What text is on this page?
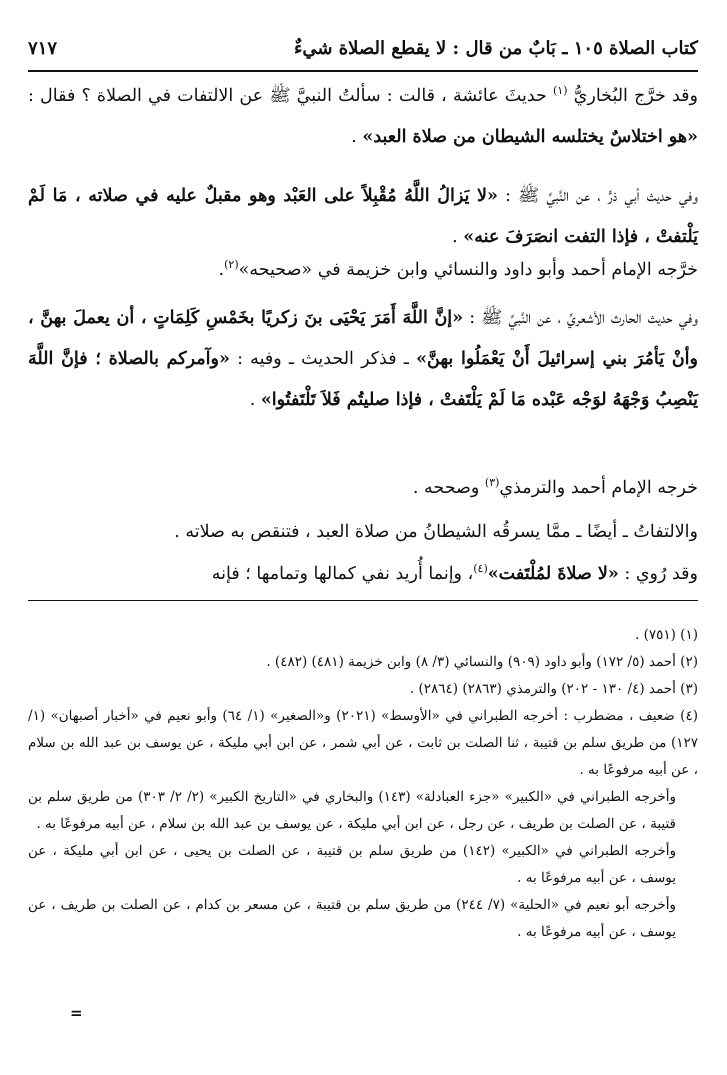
كتاب الصلاة ١٠٥ ـ بَابٌ من قال : لا يقطع الصلاة شيءٌ
٧١٧

وقد خرَّج البُخاريُّ $^{(١)}$ حديثَ عائشة ، قالت : سألتُ النبيَّ ﷺ عن الالتفات في الصلاة ؟ فقال : «هو اختلاسٌ يختلسه الشيطان من صلاة العبد» .

وفي حديث أبي ذرٍّ ، عن النَّبيِّ ﷺ : «لا يَزالُ اللَّهُ مُقْبِلاً على العَبْد وهو مقبلٌ عليه في صلاته ، مَا لَمْ يَلْتفتْ ، فإذا التفت انصَرَفَ عنه» .

خرَّجه الإمام أحمد وأبو داود والنسائي وابن خزيمة في «صحيحه»$^{(٢)}$.

وفي حديث الحارث الأشعريِّ ، عن النَّبيِّ ﷺ : «إنَّ اللَّهَ أَمَرَ يَحْيَى بنَ زكريًا بخَمْسِ كَلِمَاتٍ ، أن يعملَ بهنَّ ، وأنْ يَأمُرَ بني إسرائيلَ أَنْ يَعْمَلُوا بهنَّ» ـ فذكر الحديث ـ وفيه : «وآمركم بالصلاة ؛ فإنَّ اللَّهَ يَنْصِبُ وَجْهَهُ لوَجْه عَبْده مَا لَمْ يَلْتَفتْ ، فإذا صليتُم فَلاَ تَلْتَفتُوا» .

خرجه الإمام أحمد والترمذي$^{(٣)}$ وصححه .

والالتفاتُ ـ أيضًا ـ ممَّا يسرقُه الشيطانُ من صلاة العبد ، فتنقص به صلاته .

وقد رُوي : «لا صلاةَ لمُلْتَفت»$^{(٤)}$، وإنما أُريد نفي كمالها وتمامها ؛ فإنه

(١) (٧٥١) .

(٢) أحمد (٥/ ١٧٢) وأبو داود (٩٠٩) والنسائي (٣/ ٨) وابن خزيمة (٤٨١) (٤٨٢) .

(٣) أحمد (٤/ ١٣٠ - ٢٠٢) والترمذي (٢٨٦٣) (٢٨٦٤) .

(٤) ضعيف ، مضطرب : أخرجه الطبراني في «الأوسط» (٢٠٢١) و«الصغير» (١/ ٦٤) وأبو نعيم في «أخبار أصبهان» (١/ ١٢٧) من طريق سلم بن قتيبة ، ثنا الصلت بن ثابت ، عن أبي شمر ، عن ابن أبي مليكة ، عن يوسف بن عبد الله بن سلام ، عن أبيه مرفوعًا به .
وأخرجه الطبراني في «الكبير» «جزء العبادلة» (١٤٣) والبخاري في «التاريخ الكبير» (٢/ ٢/ ٣٠٣) من طريق سلم بن قتيبة ، عن الصلت بن طريف ، عن رجل ، عن ابن أبي مليكة ، عن يوسف بن عبد الله بن سلام ، عن أبيه مرفوعًا به .
وأخرجه الطبراني في «الكبير» (١٤٢) من طريق سلم بن قتيبة ، عن الصلت بن يحيى ، عن ابن أبي مليكة ، عن يوسف ، عن أبيه مرفوعًا به .
وأخرجه أبو نعيم في «الحلية» (٧/ ٢٤٤) من طريق سلم بن قتيبة ، عن مسعر بن كدام ، عن الصلت بن طريف ، عن يوسف ، عن أبيه مرفوعًا به .
=
